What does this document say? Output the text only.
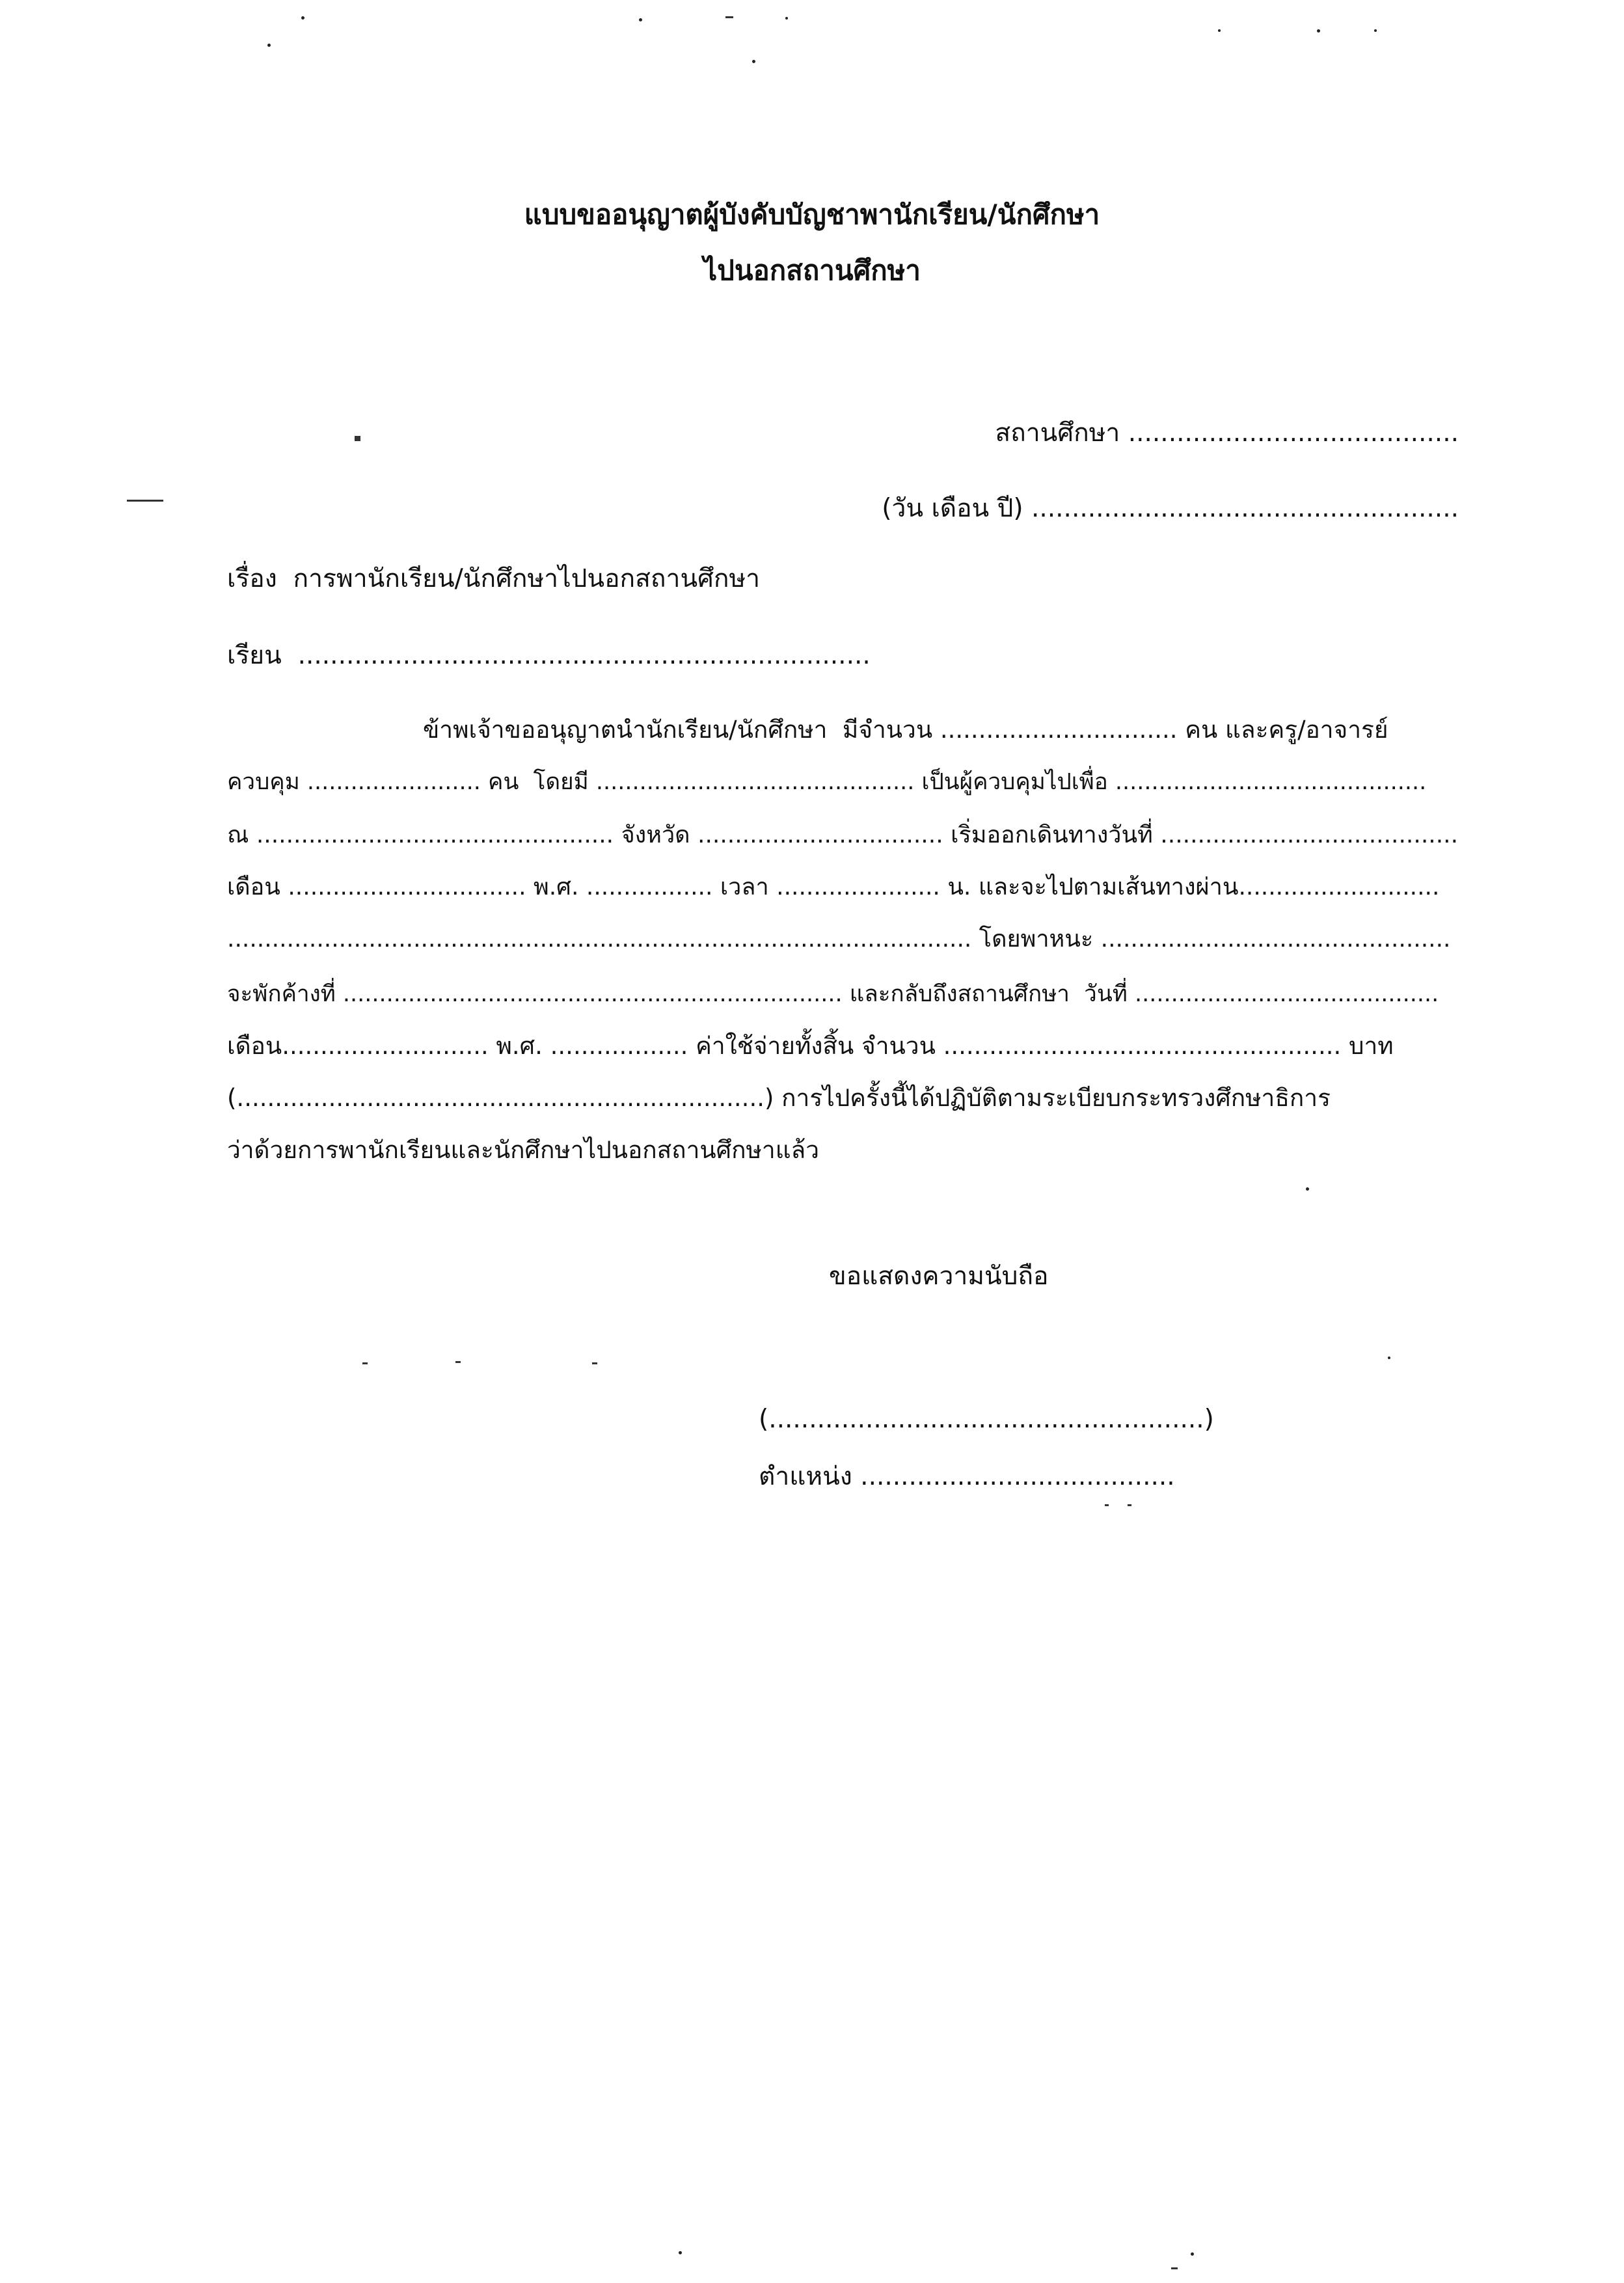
แบบขออนุญาตผู้บังคับบัญชาพานักเรียน/นักศึกษา
ไปนอกสถานศึกษา
สถานศึกษา .........................................
(วัน เดือน ปี) .....................................................
เรื่อง  การพานักเรียน/นักศึกษาไปนอกสถานศึกษา
เรียน  .......................................................................
ข้าพเจ้าขออนุญาตนำนักเรียน/นักศึกษา  มีจำนวน ............................... คน และครู/อาจารย์
ควบคุม ........................ คน  โดยมี ............................................ เป็นผู้ควบคุมไปเพื่อ ...........................................
ณ ................................................ จังหวัด ................................. เริ่มออกเดินทางวันที่ ........................................
เดือน ................................ พ.ศ. ................. เวลา ...................... น. และจะไปตามเส้นทางผ่าน...........................
.................................................................................................... โดยพาหนะ ...............................................
จะพักค้างที่ ..................................................................... และกลับถึงสถานศึกษา  วันที่ ..........................................
เดือน........................... พ.ศ. .................. ค่าใช้จ่ายทั้งสิ้น จำนวน .................................................... บาท
(.....................................................................) การไปครั้งนี้ได้ปฏิบัติตามระเบียบกระทรวงศึกษาธิการ
ว่าด้วยการพานักเรียนและนักศึกษาไปนอกสถานศึกษาแล้ว
ขอแสดงความนับถือ
(......................................................)
ตำแหน่ง .......................................
